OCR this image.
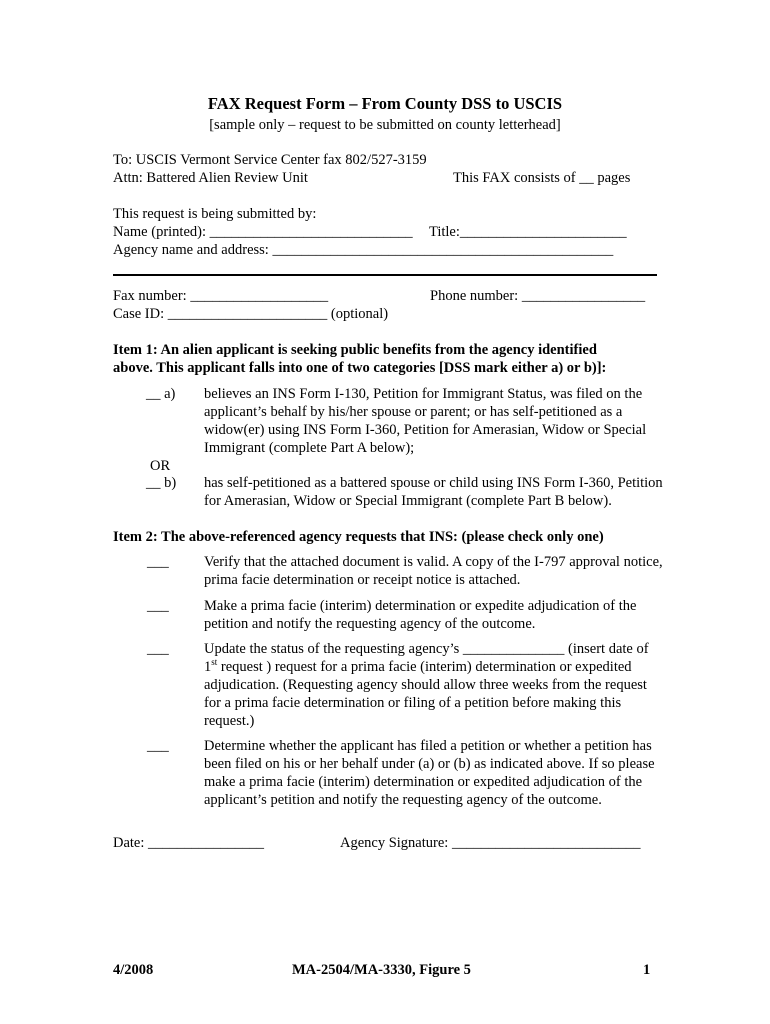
FAX Request Form – From County DSS to USCIS
[sample only – request to be submitted on county letterhead]
To: USCIS Vermont Service Center fax 802/527-3159
Attn: Battered Alien Review Unit	This FAX consists of __ pages
This request is being submitted by:
Name (printed): ____________________________ Title:_______________________
Agency name and address: _______________________________________________
Fax number: ___________________	Phone number: _________________
Case ID: ______________________ (optional)
Item 1: An alien applicant is seeking public benefits from the agency identified
above. This applicant falls into one of two categories [DSS mark either a) or b)]:
__ a) believes an INS Form I-130, Petition for Immigrant Status, was filed on the applicant’s behalf by his/her spouse or parent; or has self-petitioned as a widow(er) using INS Form I-360, Petition for Amerasian, Widow or Special Immigrant (complete Part A below);
OR
__ b) has self-petitioned as a battered spouse or child using INS Form I-360, Petition for Amerasian, Widow or Special Immigrant (complete Part B below).
Item 2: The above-referenced agency requests that INS: (please check only one)
___ Verify that the attached document is valid. A copy of the I-797 approval notice, prima facie determination or receipt notice is attached.
___ Make a prima facie (interim) determination or expedite adjudication of the petition and notify the requesting agency of the outcome.
___ Update the status of the requesting agency’s ______________ (insert date of 1st request ) request for a prima facie (interim) determination or expedited adjudication. (Requesting agency should allow three weeks from the request for a prima facie determination or filing of a petition before making this request.)
___ Determine whether the applicant has filed a petition or whether a petition has been filed on his or her behalf under (a) or (b) as indicated above. If so please make a prima facie (interim) determination or expedited adjudication of the applicant’s petition and notify the requesting agency of the outcome.
Date: ________________	Agency Signature: __________________________
4/2008	MA-2504/MA-3330, Figure 5	1
